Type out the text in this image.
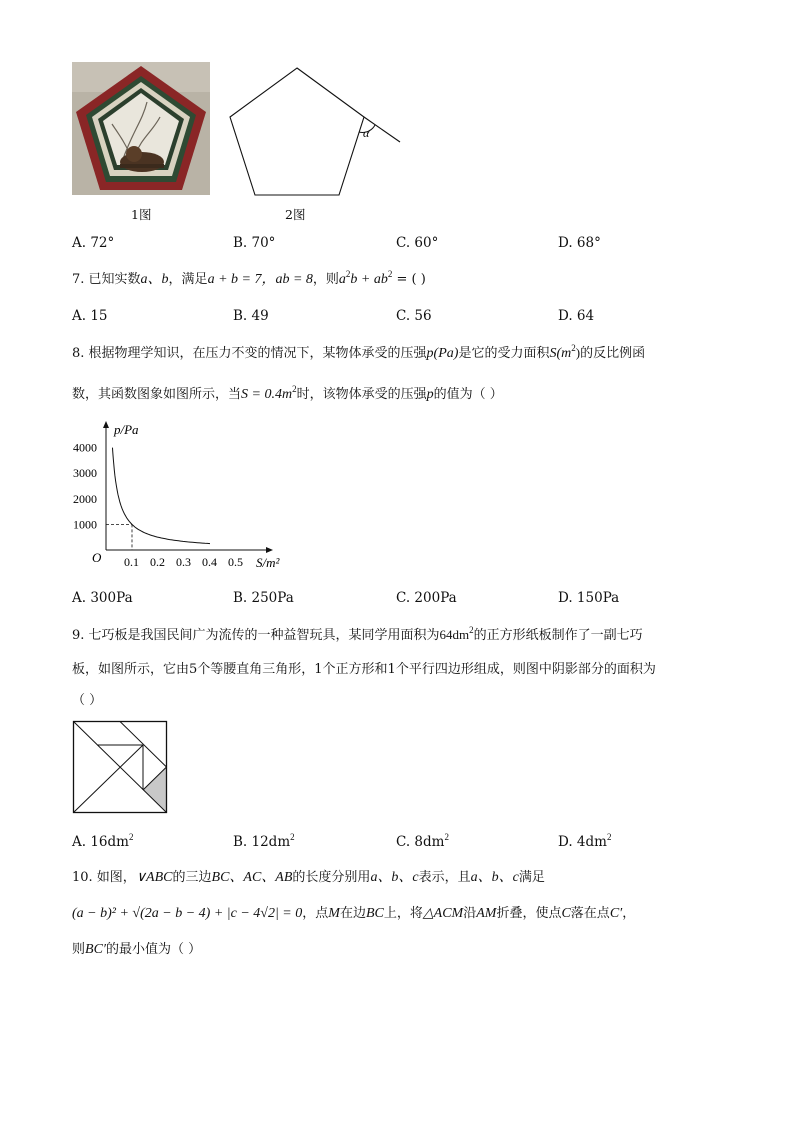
α
1图	2图
A. 72°	B. 70°	C. 60°	D. 68°
7. 已知实数a、b，满足a + b = 7，ab = 8，则$a^2b + ab^2$ = ( )
A. 15	B. 49	C. 56	D. 64
8. 根据物理学知识，在压力不变的情况下，某物体承受的压强p(Pa)是它的受力面积$S(m^2)$的反比例函
数，其函数图象如图所示，当$S = 0.4m^2$时，该物体承受的压强p的值为（ ）
p/Pa
S/m²
O 0.1 0.2 0.3 0.4 0.5
1000
2000
3000
4000
A. 300Pa	B. 250Pa	C. 200Pa	D. 150Pa
9. 七巧板是我国民间广为流传的一种益智玩具，某同学用面积为$64dm^2$的正方形纸板制作了一副七巧
板，如图所示，它由5个等腰直角三角形，1个正方形和1个平行四边形组成，则图中阴影部分的面积为
（ ）
A. $16dm^2$	B. $12dm^2$	C. $8dm^2$	D. $4dm^2$
10. 如图，∨ABC的三边BC、AC、AB的长度分别用a、b、c表示，且a、b、c满足
(a − b)² + √(2a − b − 4) + |c − 4√2| = 0，点M在边BC上，将△ACM沿AM折叠，使点C落在点C′，
则BC′的最小值为（ ）
